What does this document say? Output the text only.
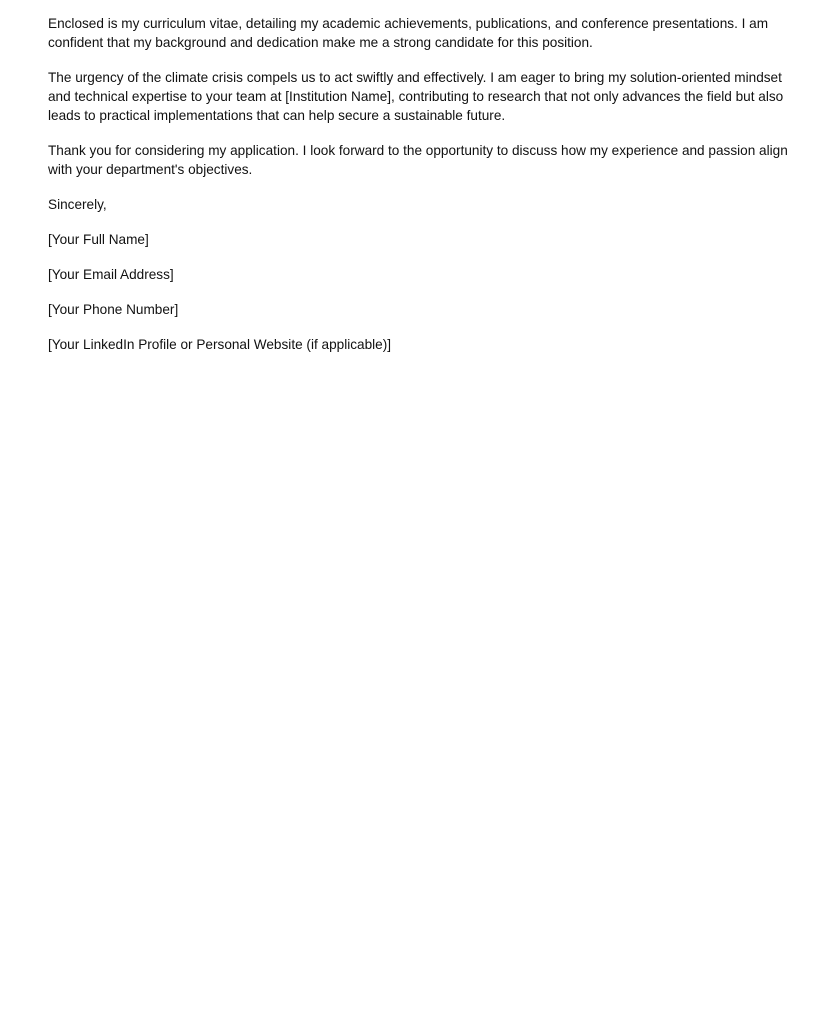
Enclosed is my curriculum vitae, detailing my academic achievements, publications, and conference presentations. I am confident that my background and dedication make me a strong candidate for this position.

The urgency of the climate crisis compels us to act swiftly and effectively. I am eager to bring my solution-oriented mindset and technical expertise to your team at [Institution Name], contributing to research that not only advances the field but also leads to practical implementations that can help secure a sustainable future.

Thank you for considering my application. I look forward to the opportunity to discuss how my experience and passion align with your department's objectives.

Sincerely,

[Your Full Name]

[Your Email Address]

[Your Phone Number]

[Your LinkedIn Profile or Personal Website (if applicable)]
